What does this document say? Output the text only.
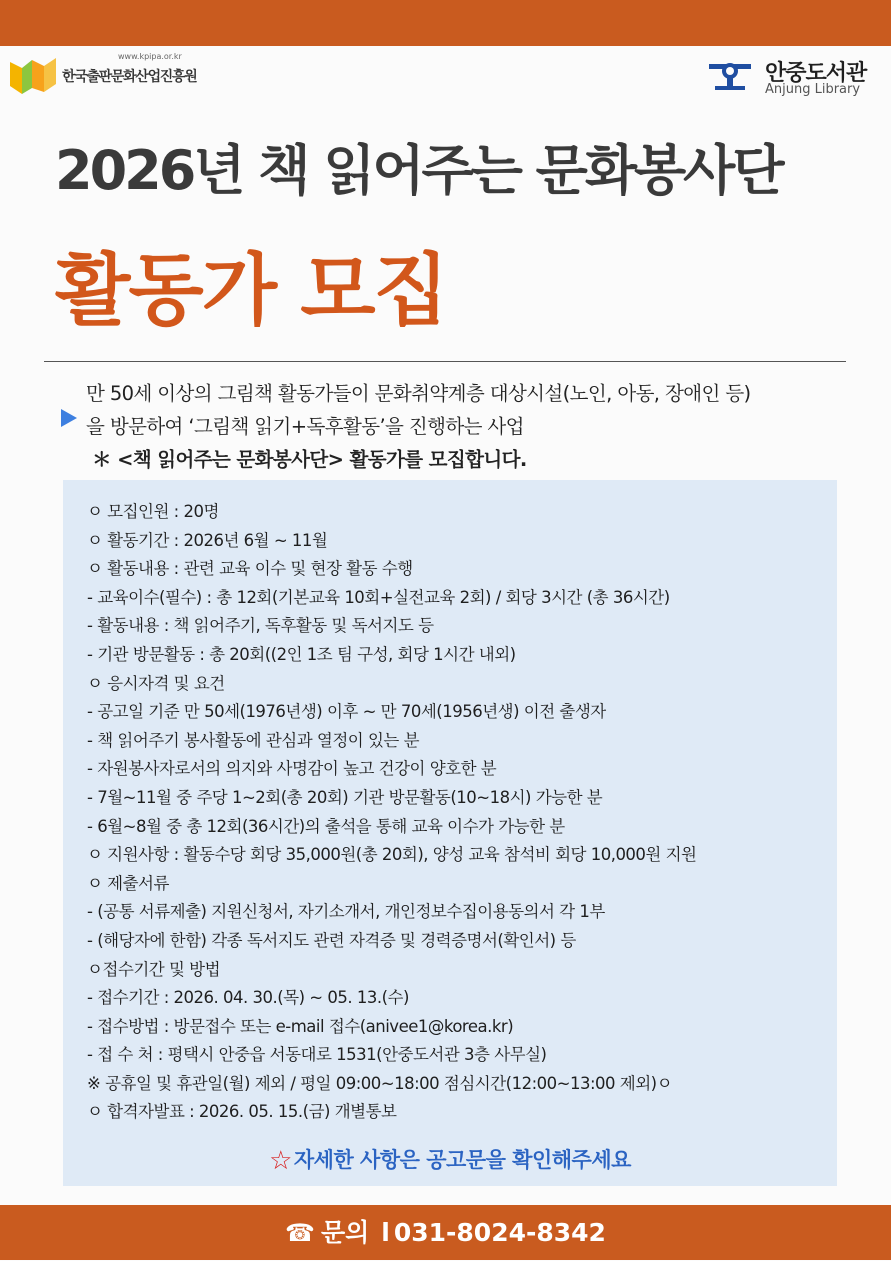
www.kpipa.or.kr
한국출판문화산업진흥원	안중도서관
Anjung Library
2026년 책 읽어주는 문화봉사단
활동가 모집
만 50세 이상의 그림책 활동가들이 문화취약계층 대상시설(노인, 아동, 장애인 등)
을 방문하여 ‘그림책 읽기+독후활동’을 진행하는 사업
＊ <책 읽어주는 문화봉사단> 활동가를 모집합니다.
ㅇ 모집인원 : 20명
ㅇ 활동기간 : 2026년 6월 ~ 11월
ㅇ 활동내용 : 관련 교육 이수 및 현장 활동 수행
- 교육이수(필수) : 총 12회(기본교육 10회+실전교육 2회) / 회당 3시간 (총 36시간)
- 활동내용 : 책 읽어주기, 독후활동 및 독서지도 등
- 기관 방문활동 : 총 20회((2인 1조 팀 구성, 회당 1시간 내외)
ㅇ 응시자격 및 요건
- 공고일 기준 만 50세(1976년생) 이후 ~ 만 70세(1956년생) 이전 출생자
- 책 읽어주기 봉사활동에 관심과 열정이 있는 분
- 자원봉사자로서의 의지와 사명감이 높고 건강이 양호한 분
- 7월~11월 중 주당 1~2회(총 20회) 기관 방문활동(10~18시) 가능한 분
- 6월~8월 중 총 12회(36시간)의 출석을 통해 교육 이수가 가능한 분
ㅇ 지원사항 : 활동수당 회당 35,000원(총 20회), 양성 교육 참석비 회당 10,000원 지원
ㅇ 제출서류
- (공통 서류제출) 지원신청서, 자기소개서, 개인정보수집이용동의서 각 1부
- (해당자에 한함) 각종 독서지도 관련 자격증 및 경력증명서(확인서) 등
ㅇ접수기간 및 방법
- 접수기간 : 2026. 04. 30.(목) ~ 05. 13.(수)
- 접수방법 : 방문접수 또는 e-mail 접수(anivee1@korea.kr)
- 접 수 처 : 평택시 안중읍 서동대로 1531(안중도서관 3층 사무실)
※ 공휴일 및 휴관일(월) 제외 / 평일 09:00~18:00 점심시간(12:00~13:00 제외)ㅇ
ㅇ 합격자발표 : 2026. 05. 15.(금) 개별통보
☆자세한 사항은 공고문을 확인해주세요
☎ 문의 l 031-8024-8342
